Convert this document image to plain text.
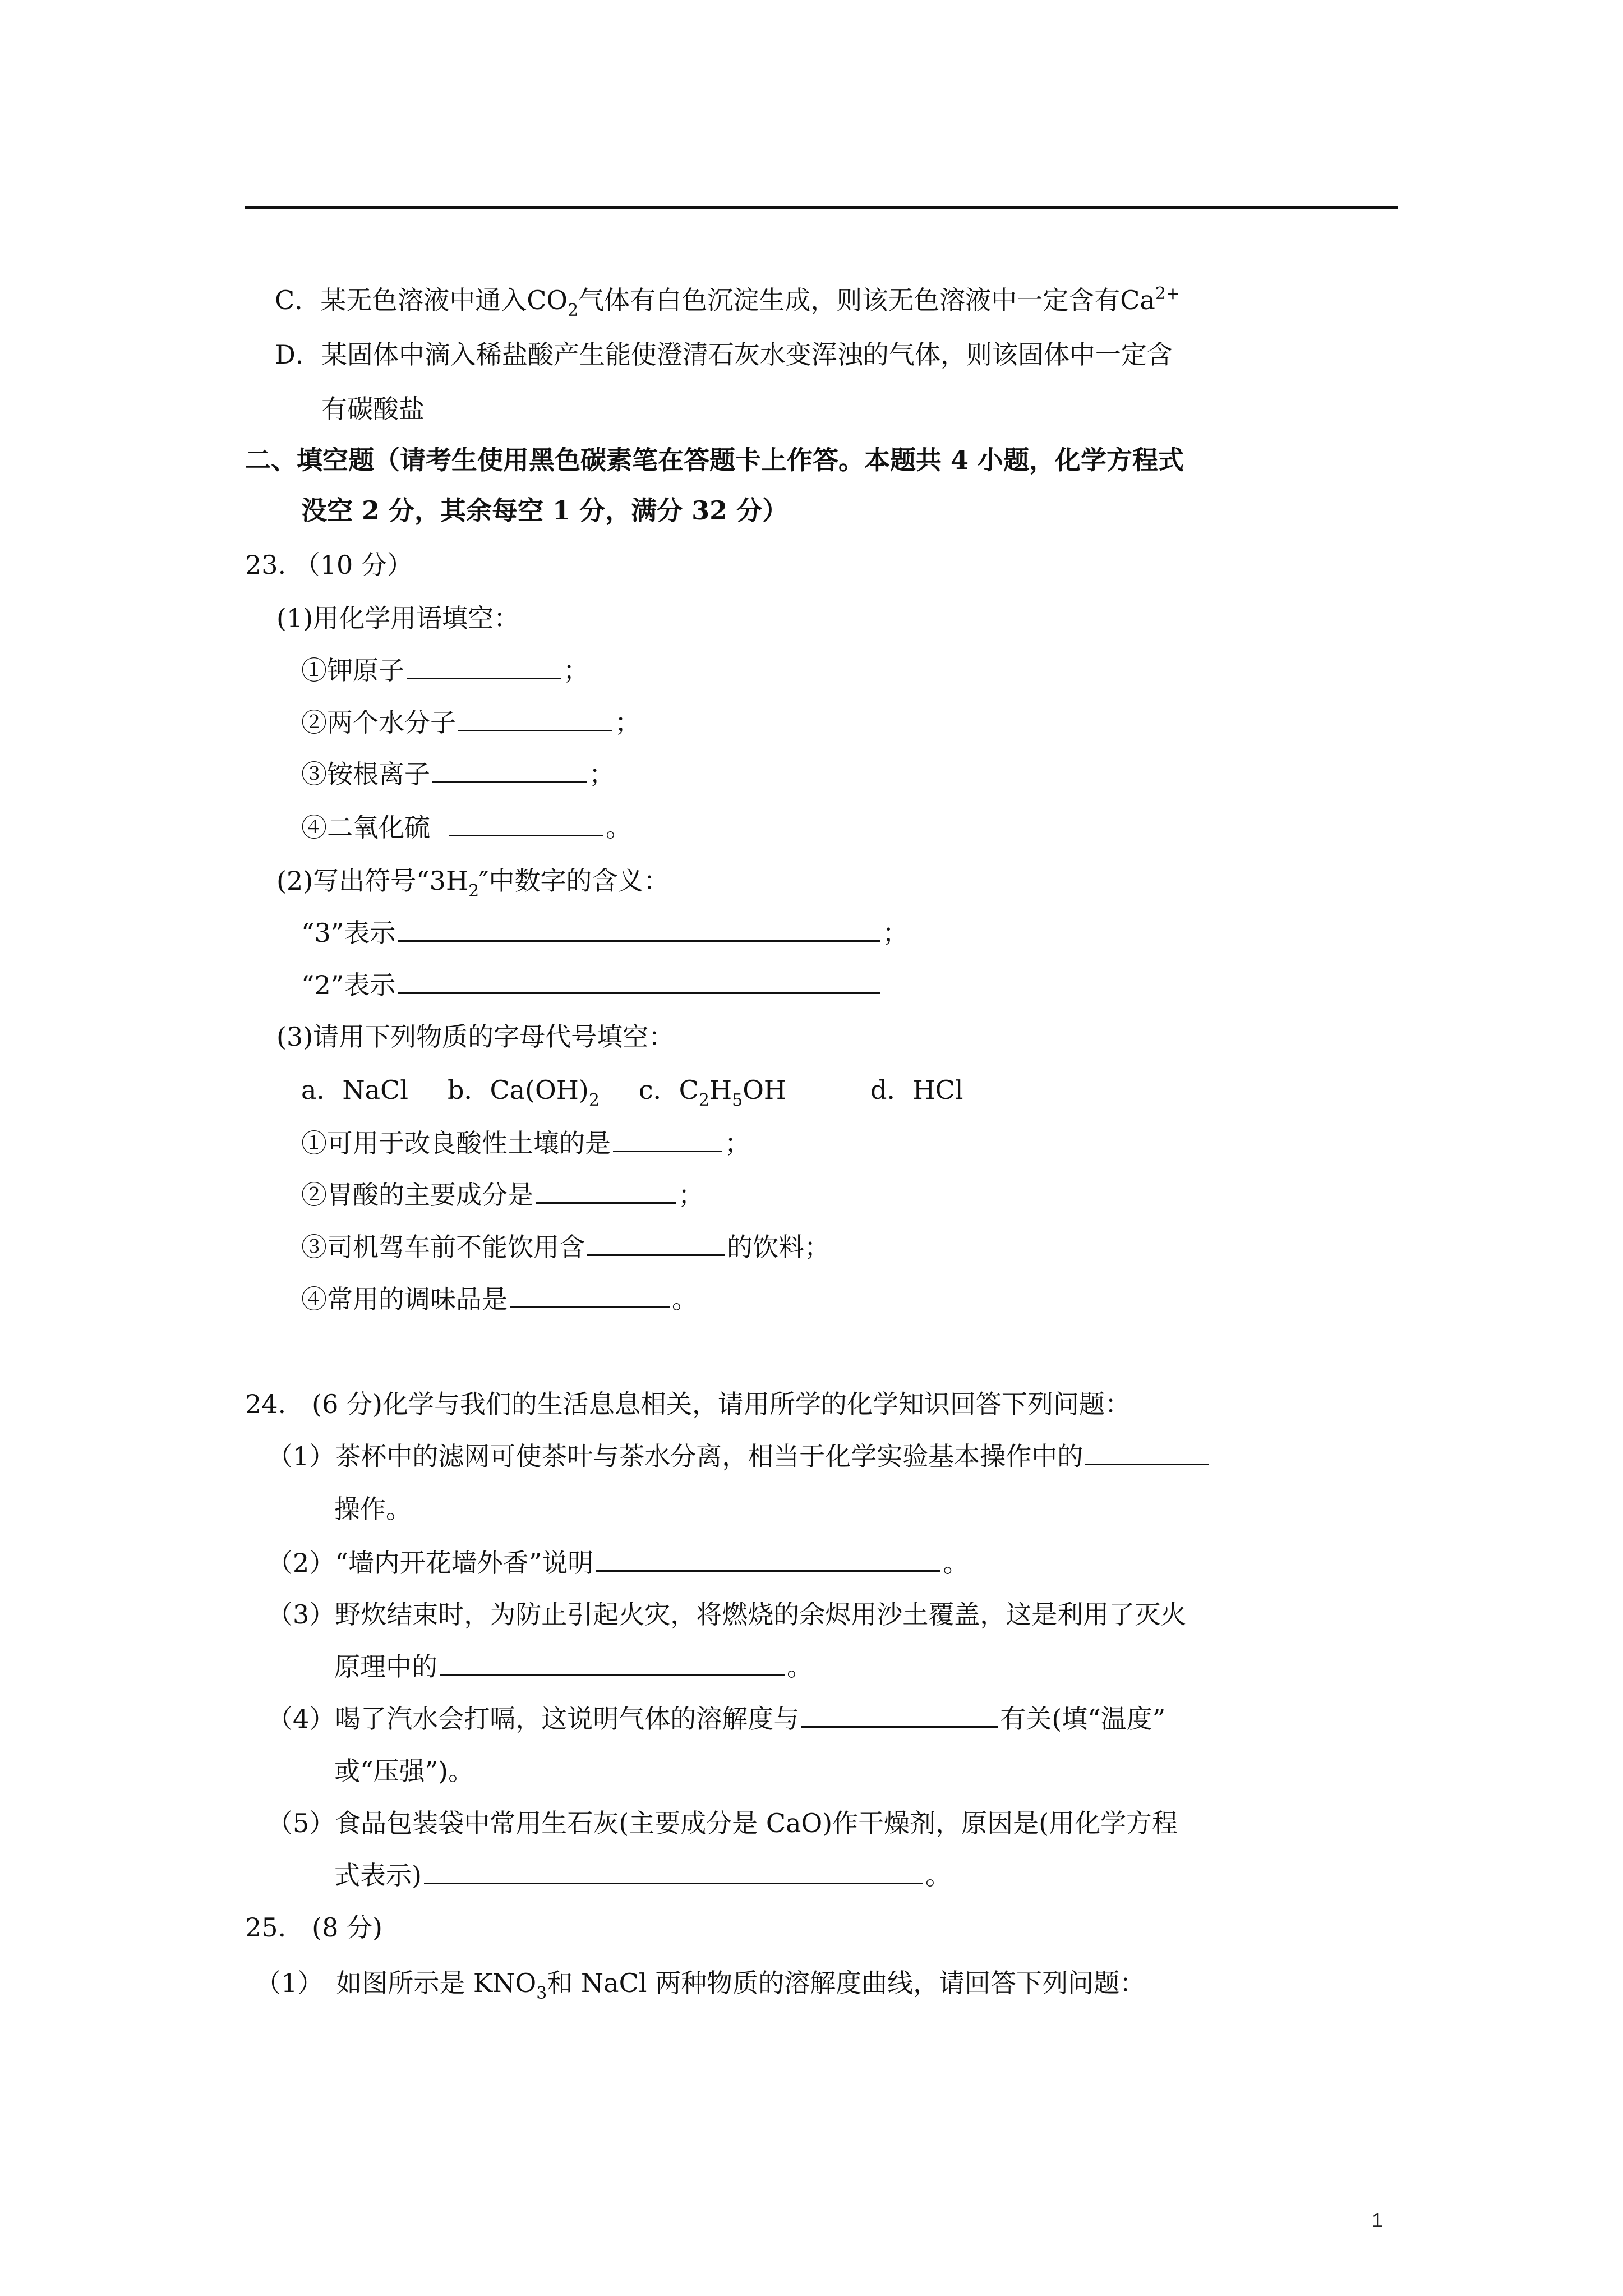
C．某无色溶液中通入$CO_2$气体有白色沉淀生成，则该无色溶液中一定含有$Ca^{2+}$
D．某固体中滴入稀盐酸产生能使澄清石灰水变浑浊的气体，则该固体中一定含
有碳酸盐
二、填空题（请考生使用黑色碳素笔在答题卡上作答。本题共 4 小题，化学方程式
没空 2 分，其余每空 1 分，满分 32 分）
23. （10 分）
(1)用化学用语填空：
①钾原子	；
②两个水分子	；
③铵根离子	；
④二氧化硫	。
(2)写出符号“$3H_2''$中数字的含义：
“3”表示	；
“2”表示
(3)请用下列物质的字母代号填空：
a．NaCl b．$Ca(OH)_2$ c．$C_2H_5OH$	d．HCl
①可用于改良酸性土壤的是	；
②胃酸的主要成分是	；
③司机驾车前不能饮用含	的饮料；
④常用的调味品是	。
24.　(6 分)化学与我们的生活息息相关，请用所学的化学知识回答下列问题：
（1）茶杯中的滤网可使茶叶与茶水分离，相当于化学实验基本操作中的
操作。
（2）“墙内开花墙外香”说明	。
（3）野炊结束时，为防止引起火灾，将燃烧的余烬用沙土覆盖，这是利用了灭火
原理中的	。
（4）喝了汽水会打嗝，这说明气体的溶解度与	有关(填“温度”
或“压强”)。
（5）食品包装袋中常用生石灰(主要成分是 CaO)作干燥剂，原因是(用化学方程
式表示)	。
25.　(8 分)
（1）　如图所示是 $KNO_3$和 NaCl 两种物质的溶解度曲线，请回答下列问题：
1
